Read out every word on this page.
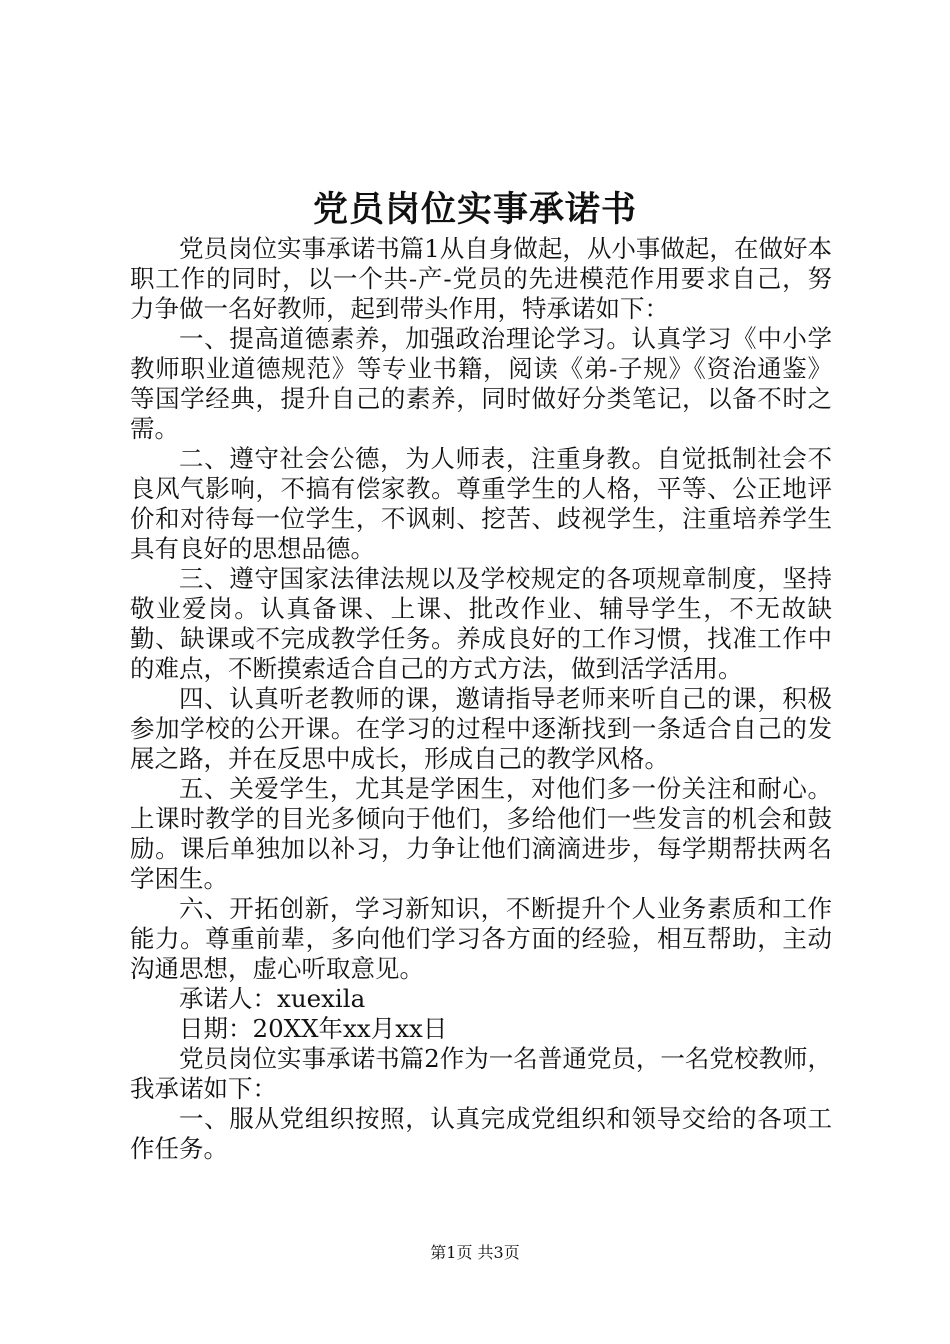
党员岗位实事承诺书

党员岗位实事承诺书篇1从自身做起，从小事做起，在做好本职工作的同时，以一个共-产-党员的先进模范作用要求自己，努力争做一名好教师，起到带头作用，特承诺如下：

一、提高道德素养，加强政治理论学习。认真学习《中小学教师职业道德规范》等专业书籍，阅读《弟-子规》《资治通鉴》等国学经典，提升自己的素养，同时做好分类笔记，以备不时之需。

二、遵守社会公德，为人师表，注重身教。自觉抵制社会不良风气影响，不搞有偿家教。尊重学生的人格，平等、公正地评价和对待每一位学生，不讽刺、挖苦、歧视学生，注重培养学生具有良好的思想品德。

三、遵守国家法律法规以及学校规定的各项规章制度，坚持敬业爱岗。认真备课、上课、批改作业、辅导学生，不无故缺勤、缺课或不完成教学任务。养成良好的工作习惯，找准工作中的难点，不断摸索适合自己的方式方法，做到活学活用。

四、认真听老教师的课，邀请指导老师来听自己的课，积极参加学校的公开课。在学习的过程中逐渐找到一条适合自己的发展之路，并在反思中成长，形成自己的教学风格。

五、关爱学生，尤其是学困生，对他们多一份关注和耐心。上课时教学的目光多倾向于他们，多给他们一些发言的机会和鼓励。课后单独加以补习，力争让他们滴滴进步，每学期帮扶两名学困生。

六、开拓创新，学习新知识，不断提升个人业务素质和工作能力。尊重前辈，多向他们学习各方面的经验，相互帮助，主动沟通思想，虚心听取意见。

承诺人：xuexila

日期：20XX年xx月xx日

党员岗位实事承诺书篇2作为一名普通党员，一名党校教师，我承诺如下：

一、服从党组织按照，认真完成党组织和领导交给的各项工作任务。

第1页 共3页
